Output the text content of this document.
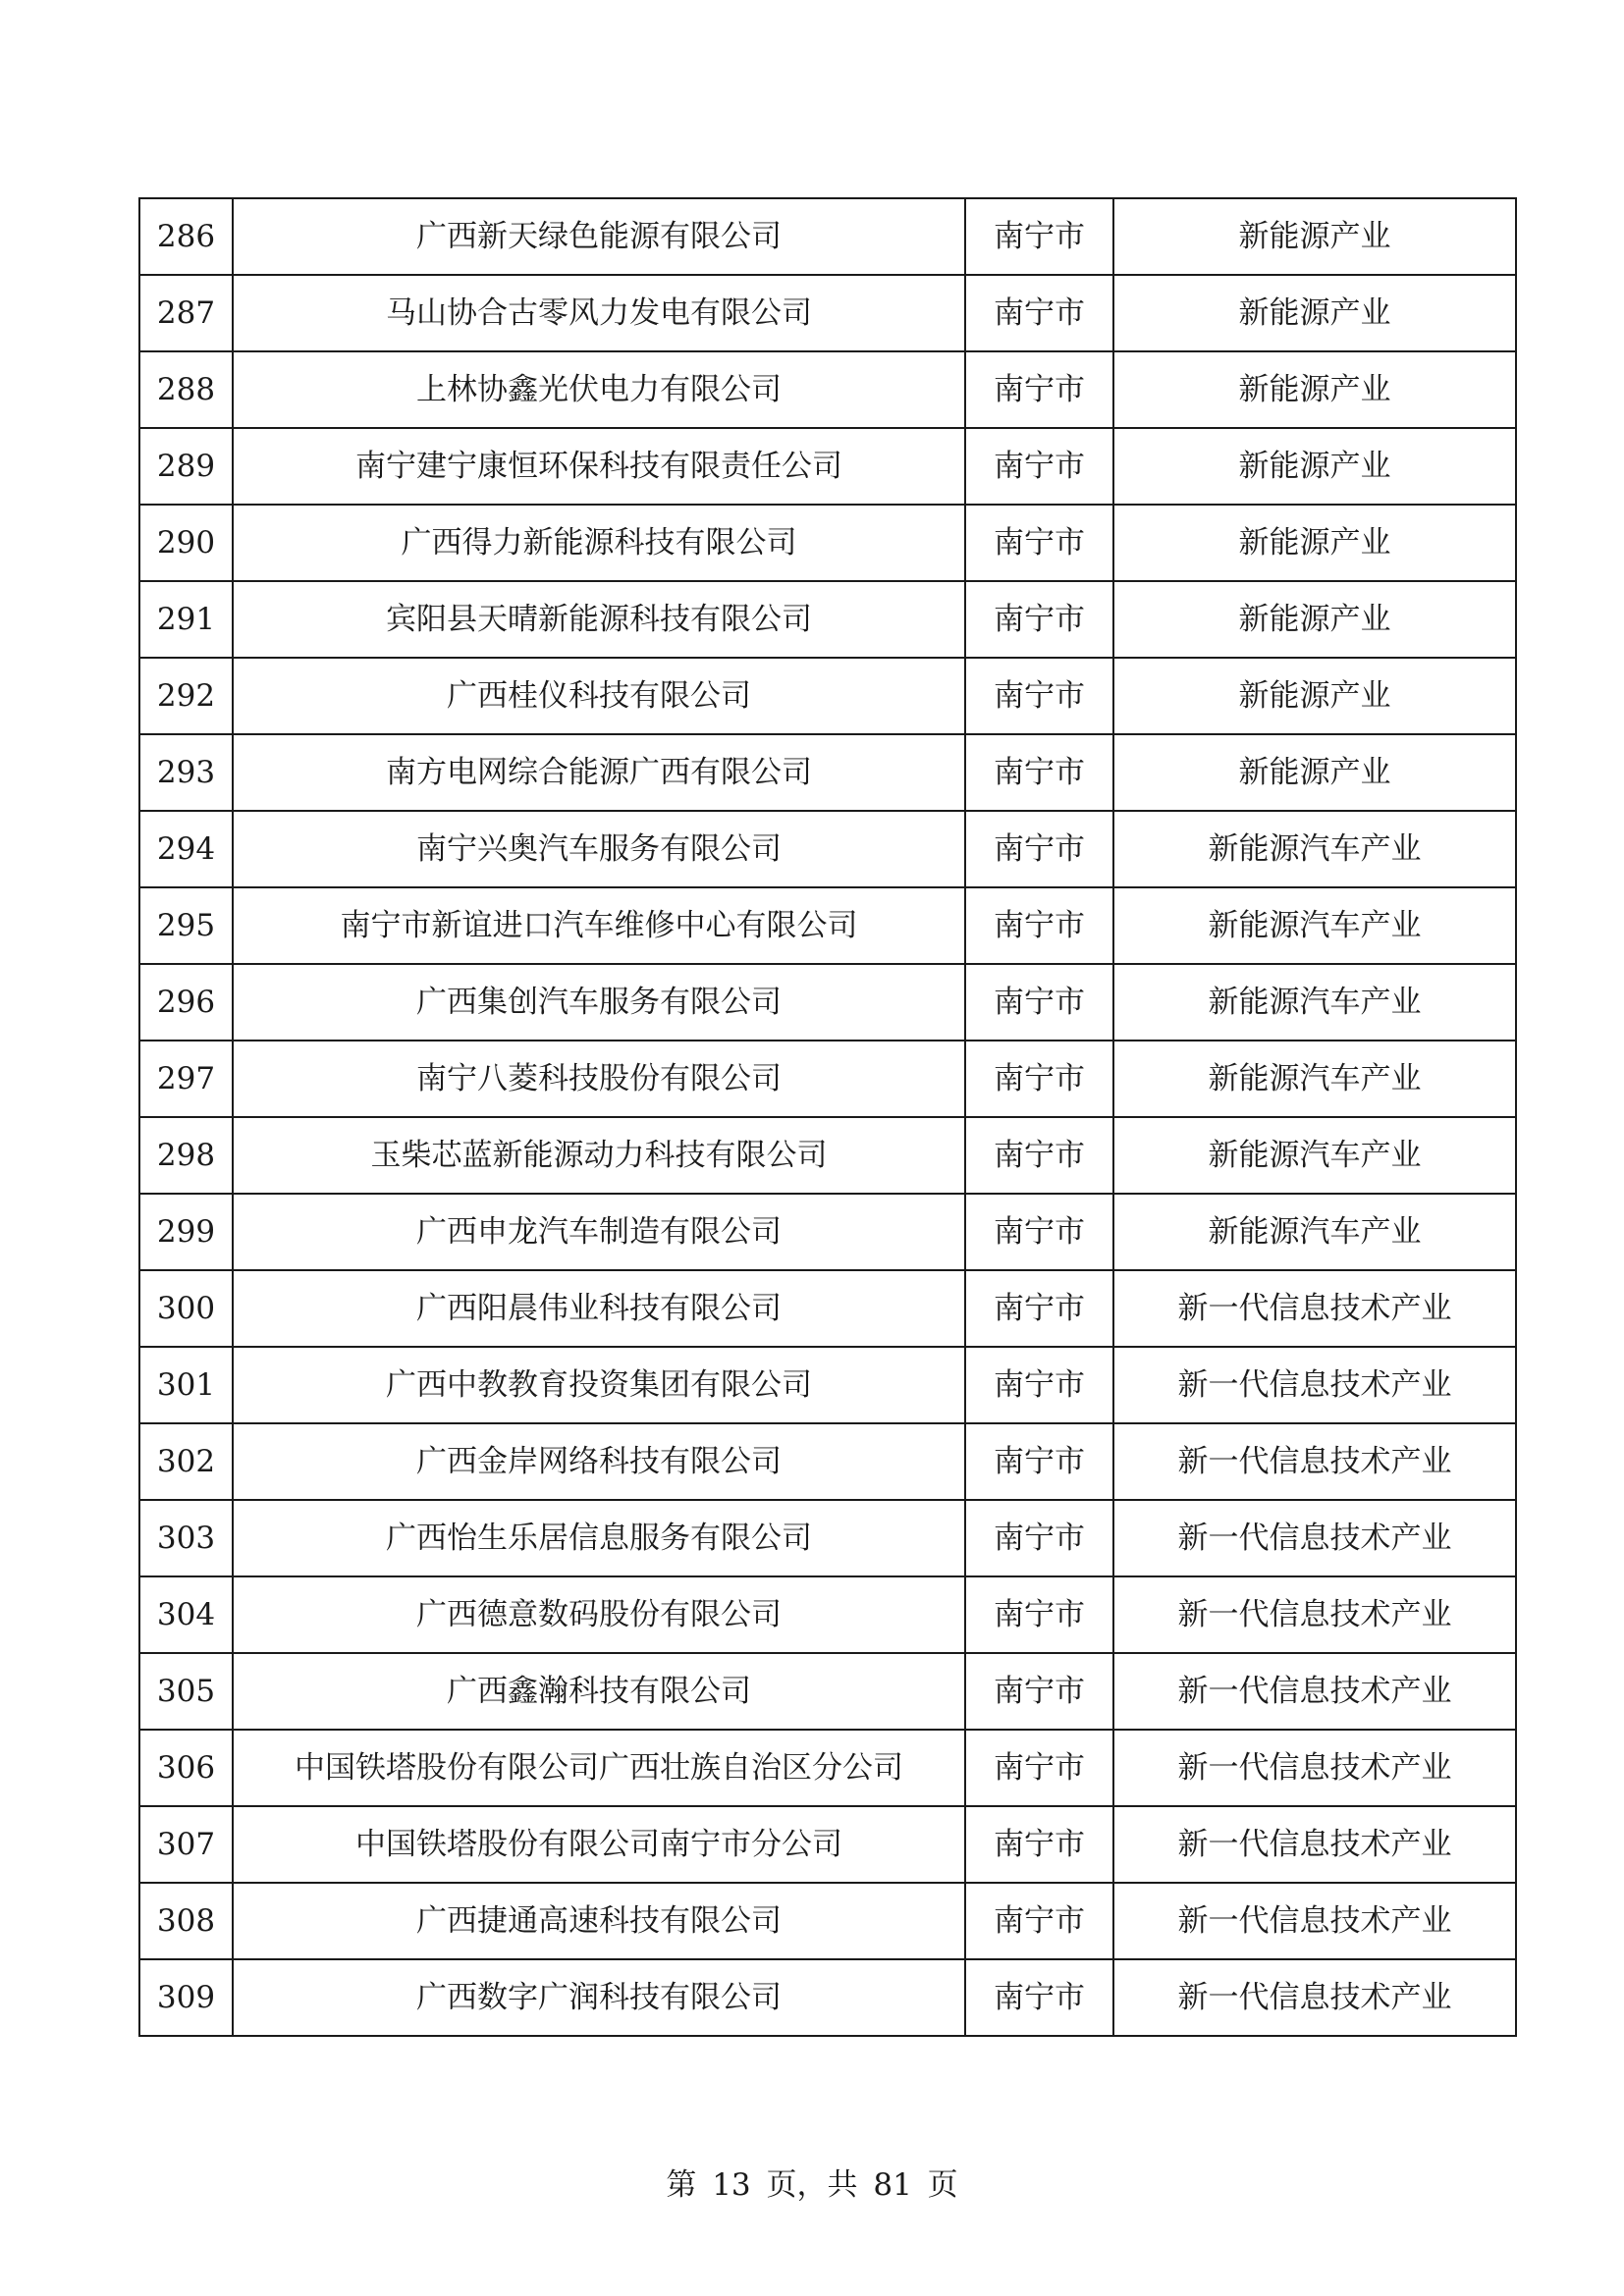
286	广西新天绿色能源有限公司	南宁市	新能源产业
287	马山协合古零风力发电有限公司	南宁市	新能源产业
288	上林协鑫光伏电力有限公司	南宁市	新能源产业
289	南宁建宁康恒环保科技有限责任公司	南宁市	新能源产业
290	广西得力新能源科技有限公司	南宁市	新能源产业
291	宾阳县天晴新能源科技有限公司	南宁市	新能源产业
292	广西桂仪科技有限公司	南宁市	新能源产业
293	南方电网综合能源广西有限公司	南宁市	新能源产业
294	南宁兴奥汽车服务有限公司	南宁市	新能源汽车产业
295	南宁市新谊进口汽车维修中心有限公司	南宁市	新能源汽车产业
296	广西集创汽车服务有限公司	南宁市	新能源汽车产业
297	南宁八菱科技股份有限公司	南宁市	新能源汽车产业
298	玉柴芯蓝新能源动力科技有限公司	南宁市	新能源汽车产业
299	广西申龙汽车制造有限公司	南宁市	新能源汽车产业
300	广西阳晨伟业科技有限公司	南宁市	新一代信息技术产业
301	广西中教教育投资集团有限公司	南宁市	新一代信息技术产业
302	广西金岸网络科技有限公司	南宁市	新一代信息技术产业
303	广西怡生乐居信息服务有限公司	南宁市	新一代信息技术产业
304	广西德意数码股份有限公司	南宁市	新一代信息技术产业
305	广西鑫瀚科技有限公司	南宁市	新一代信息技术产业
306	中国铁塔股份有限公司广西壮族自治区分公司	南宁市	新一代信息技术产业
307	中国铁塔股份有限公司南宁市分公司	南宁市	新一代信息技术产业
308	广西捷通高速科技有限公司	南宁市	新一代信息技术产业
309	广西数字广润科技有限公司	南宁市	新一代信息技术产业
第 13 页，共 81 页
